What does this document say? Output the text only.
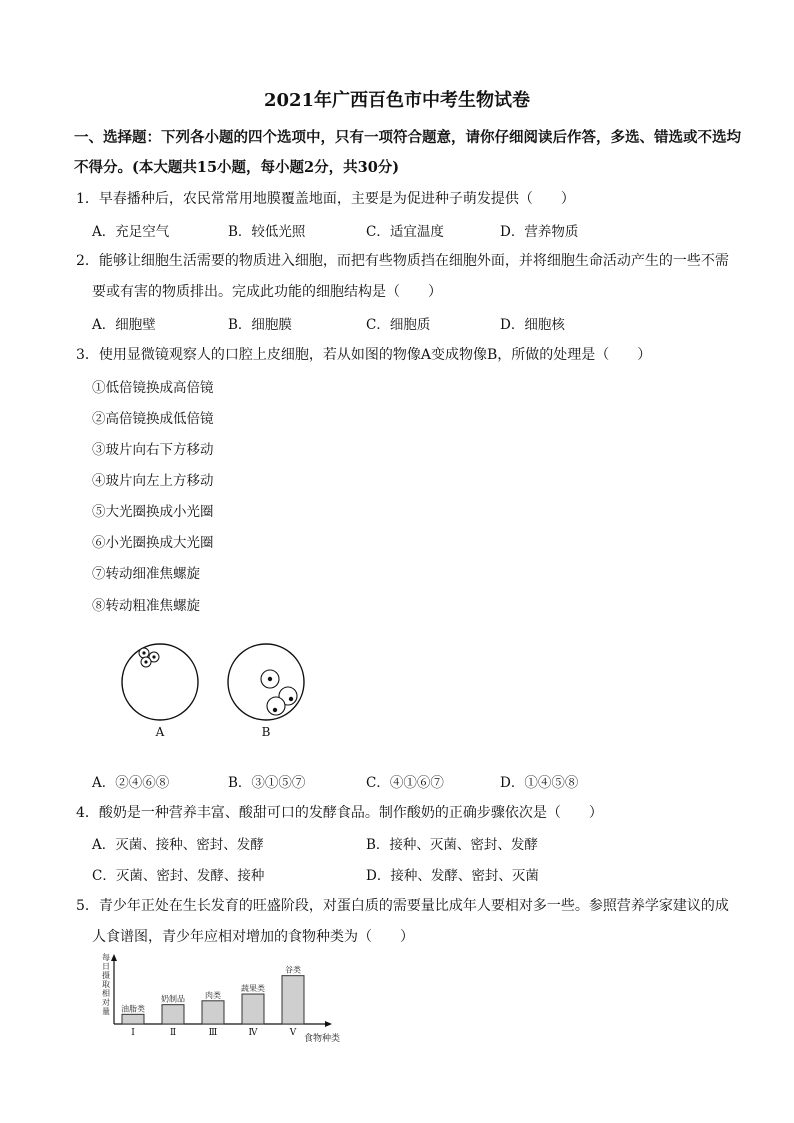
2021年广西百色市中考生物试卷
一、选择题：下列各小题的四个选项中，只有一项符合题意，请你仔细阅读后作答，多选、错选或不选均
不得分。(本大题共15小题，每小题2分，共30分)
1．早春播种后，农民常常用地膜覆盖地面，主要是为促进种子萌发提供（　　）
A．充足空气	B．较低光照	C．适宜温度	D．营养物质
2．能够让细胞生活需要的物质进入细胞，而把有些物质挡在细胞外面，并将细胞生命活动产生的一些不需
要或有害的物质排出。完成此功能的细胞结构是（　　）
A．细胞壁	B．细胞膜	C．细胞质	D．细胞核
3．使用显微镜观察人的口腔上皮细胞，若从如图的物像A变成物像B，所做的处理是（　　）
①低倍镜换成高倍镜
②高倍镜换成低倍镜
③玻片向右下方移动
④玻片向左上方移动
⑤大光圈换成小光圈
⑥小光圈换成大光圈
⑦转动细准焦螺旋
⑧转动粗准焦螺旋
A	B
A．②④⑥⑧	B．③①⑤⑦	C．④①⑥⑦	D．①④⑤⑧
4．酸奶是一种营养丰富、酸甜可口的发酵食品。制作酸奶的正确步骤依次是（　　）
A．灭菌、接种、密封、发酵	B．接种、灭菌、密封、发酵
C．灭菌、密封、发酵、接种	D．接种、发酵、密封、灭菌
5．青少年正处在生长发育的旺盛阶段，对蛋白质的需要量比成年人要相对多一些。参照营养学家建议的成
人食谱图，青少年应相对增加的食物种类为（　　）
每日摄取相对量 油脂类
Ⅰ
奶制品
Ⅱ
肉类
Ⅲ
蔬果类
Ⅳ
谷类
Ⅴ
食物种类
